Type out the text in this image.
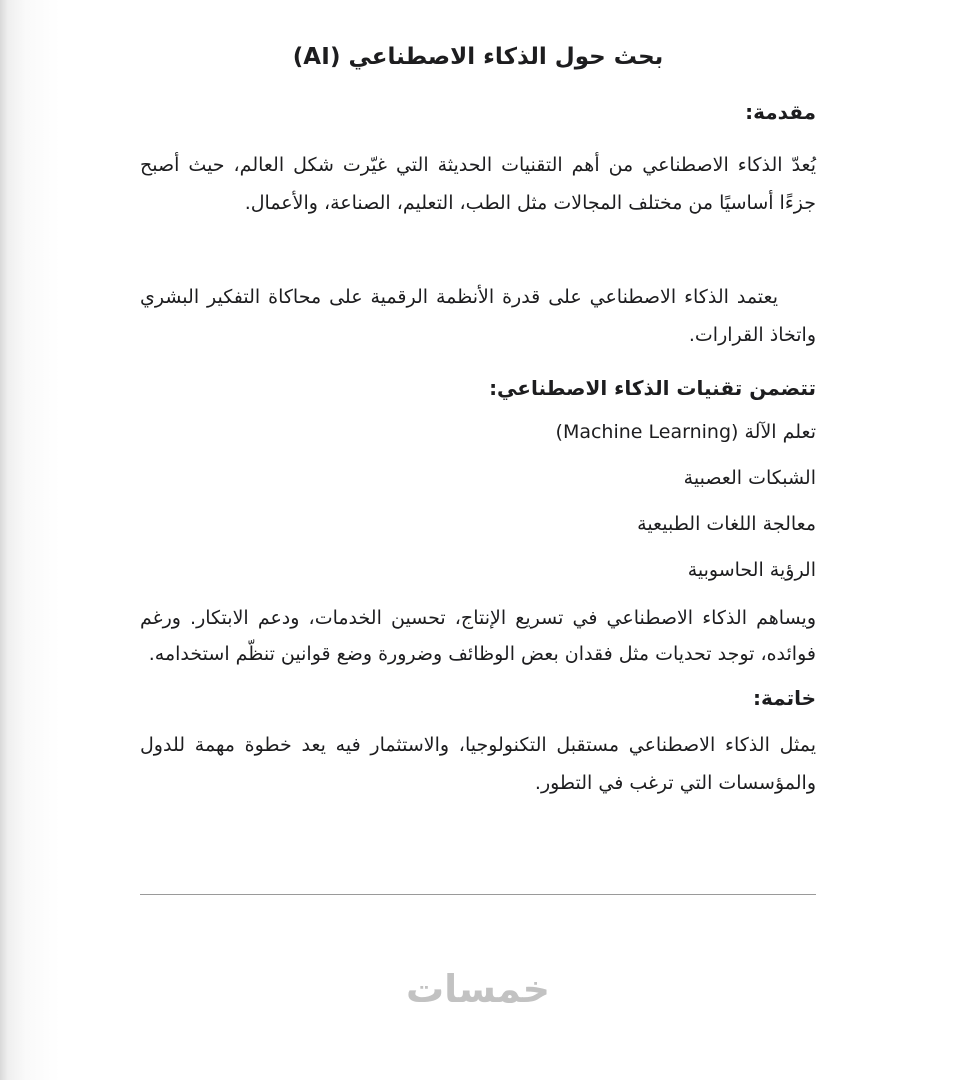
بحث حول الذكاء الاصطناعي (AI)
مقدمة:

يُعدّ الذكاء الاصطناعي من أهم التقنيات الحديثة التي غيّرت شكل العالم، حيث أصبح جزءًا أساسيًا من مختلف المجالات مثل الطب، التعليم، الصناعة، والأعمال.

يعتمد الذكاء الاصطناعي على قدرة الأنظمة الرقمية على محاكاة التفكير البشري واتخاذ القرارات.

تتضمن تقنيات الذكاء الاصطناعي:

تعلم الآلة (Machine Learning)

الشبكات العصبية

معالجة اللغات الطبيعية

الرؤية الحاسوبية

ويساهم الذكاء الاصطناعي في تسريع الإنتاج، تحسين الخدمات، ودعم الابتكار. ورغم فوائده، توجد تحديات مثل فقدان بعض الوظائف وضرورة وضع قوانين تنظّم استخدامه.

خاتمة:

يمثل الذكاء الاصطناعي مستقبل التكنولوجيا، والاستثمار فيه يعد خطوة مهمة للدول والمؤسسات التي ترغب في التطور.

خمسات
